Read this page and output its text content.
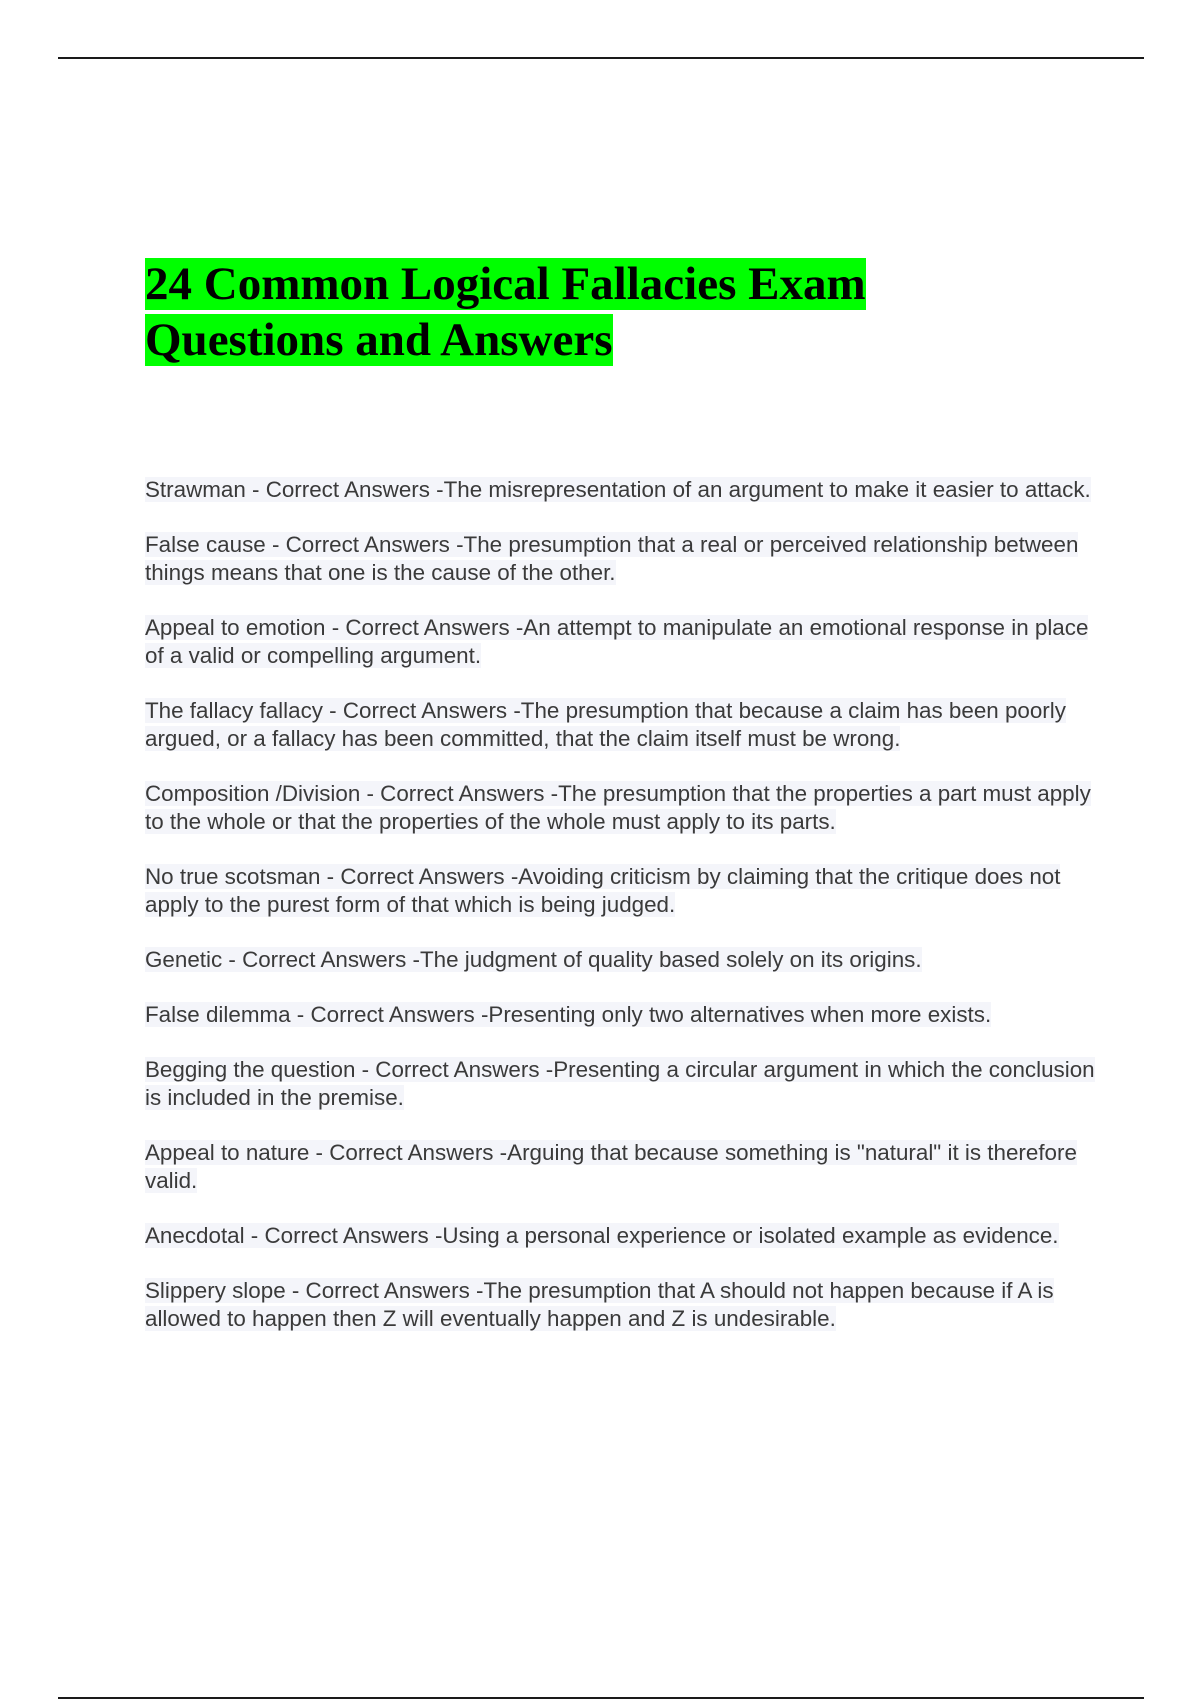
24 Common Logical Fallacies Exam Questions and Answers

Strawman - Correct Answers -The misrepresentation of an argument to make it easier to attack.

False cause - Correct Answers -The presumption that a real or perceived relationship between things means that one is the cause of the other.

Appeal to emotion - Correct Answers -An attempt to manipulate an emotional response in place of a valid or compelling argument.

The fallacy fallacy - Correct Answers -The presumption that because a claim has been poorly argued, or a fallacy has been committed, that the claim itself must be wrong.

Composition /Division - Correct Answers -The presumption that the properties a part must apply to the whole or that the properties of the whole must apply to its parts.

No true scotsman - Correct Answers -Avoiding criticism by claiming that the critique does not apply to the purest form of that which is being judged.

Genetic - Correct Answers -The judgment of quality based solely on its origins.

False dilemma - Correct Answers -Presenting only two alternatives when more exists.

Begging the question - Correct Answers -Presenting a circular argument in which the conclusion is included in the premise.

Appeal to nature - Correct Answers -Arguing that because something is "natural" it is therefore valid.

Anecdotal - Correct Answers -Using a personal experience or isolated example as evidence.

Slippery slope - Correct Answers -The presumption that A should not happen because if A is allowed to happen then Z will eventually happen and Z is undesirable.
